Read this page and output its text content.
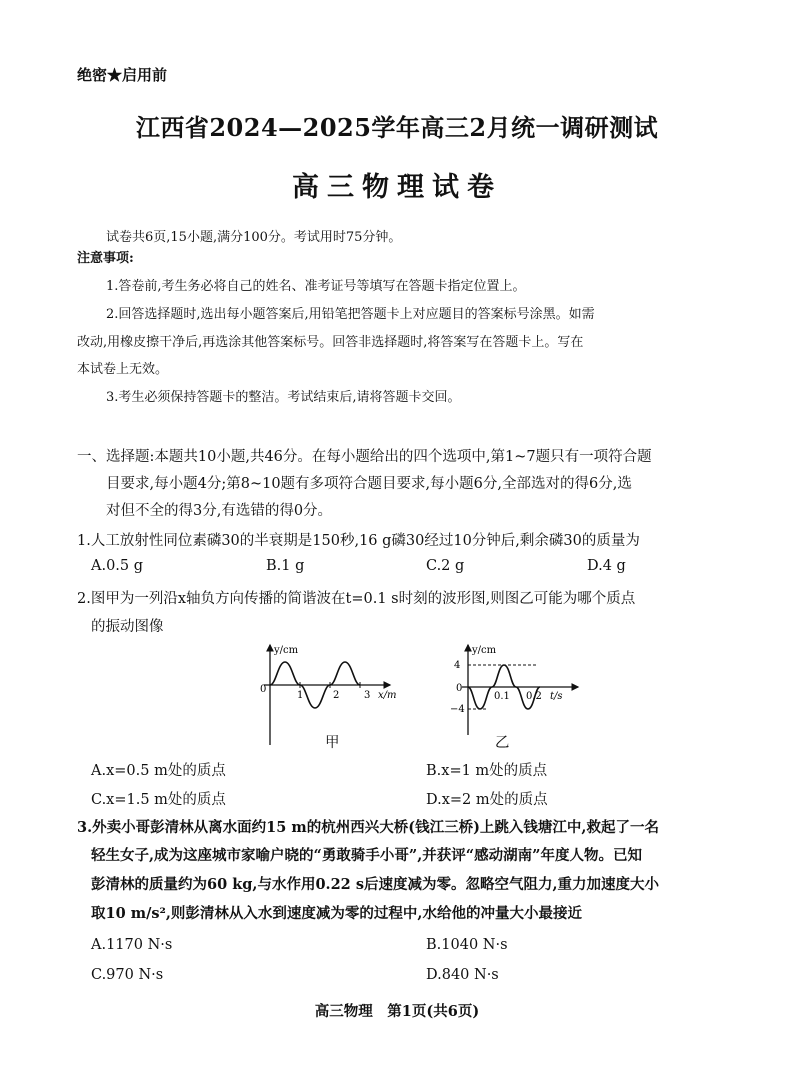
绝密★启用前
江西省2024—2025学年高三2月统一调研测试
高三物理试卷
试卷共6页,15小题,满分100分。考试用时75分钟。
注意事项:
1.答卷前,考生务必将自己的姓名、准考证号等填写在答题卡指定位置上。
2.回答选择题时,选出每小题答案后,用铅笔把答题卡上对应题目的答案标号涂黑。如需
改动,用橡皮擦干净后,再选涂其他答案标号。回答非选择题时,将答案写在答题卡上。写在
本试卷上无效。
3.考生必须保持答题卡的整洁。考试结束后,请将答题卡交回。
一、选择题:本题共10小题,共46分。在每小题给出的四个选项中,第1~7题只有一项符合题
目要求,每小题4分;第8~10题有多项符合题目要求,每小题6分,全部选对的得6分,选
对但不全的得3分,有选错的得0分。
1.人工放射性同位素磷30的半衰期是150秒,16 g磷30经过10分钟后,剩余磷30的质量为
A.0.5 g	B.1 g	C.2 g	D.4 g
2.图甲为一列沿x轴负方向传播的简谐波在t=0.1 s时刻的波形图,则图乙可能为哪个质点
的振动图像
y/cm
0
1	2 3 x/m
甲
y/cm
4
0
−4
0.1 0.2 t/s
乙
A.x=0.5 m处的质点	B.x=1 m处的质点
C.x=1.5 m处的质点	D.x=2 m处的质点
3.外卖小哥彭清林从离水面约15 m的杭州西兴大桥(钱江三桥)上跳入钱塘江中,救起了一名
轻生女子,成为这座城市家喻户晓的“勇敢骑手小哥”,并获评“感动湖南”年度人物。已知
彭清林的质量约为60 kg,与水作用0.22 s后速度减为零。忽略空气阻力,重力加速度大小
取10 m/s²,则彭清林从入水到速度减为零的过程中,水给他的冲量大小最接近
A.1170 N·s	B.1040 N·s
C.970 N·s	D.840 N·s
高三物理　第1页(共6页)
